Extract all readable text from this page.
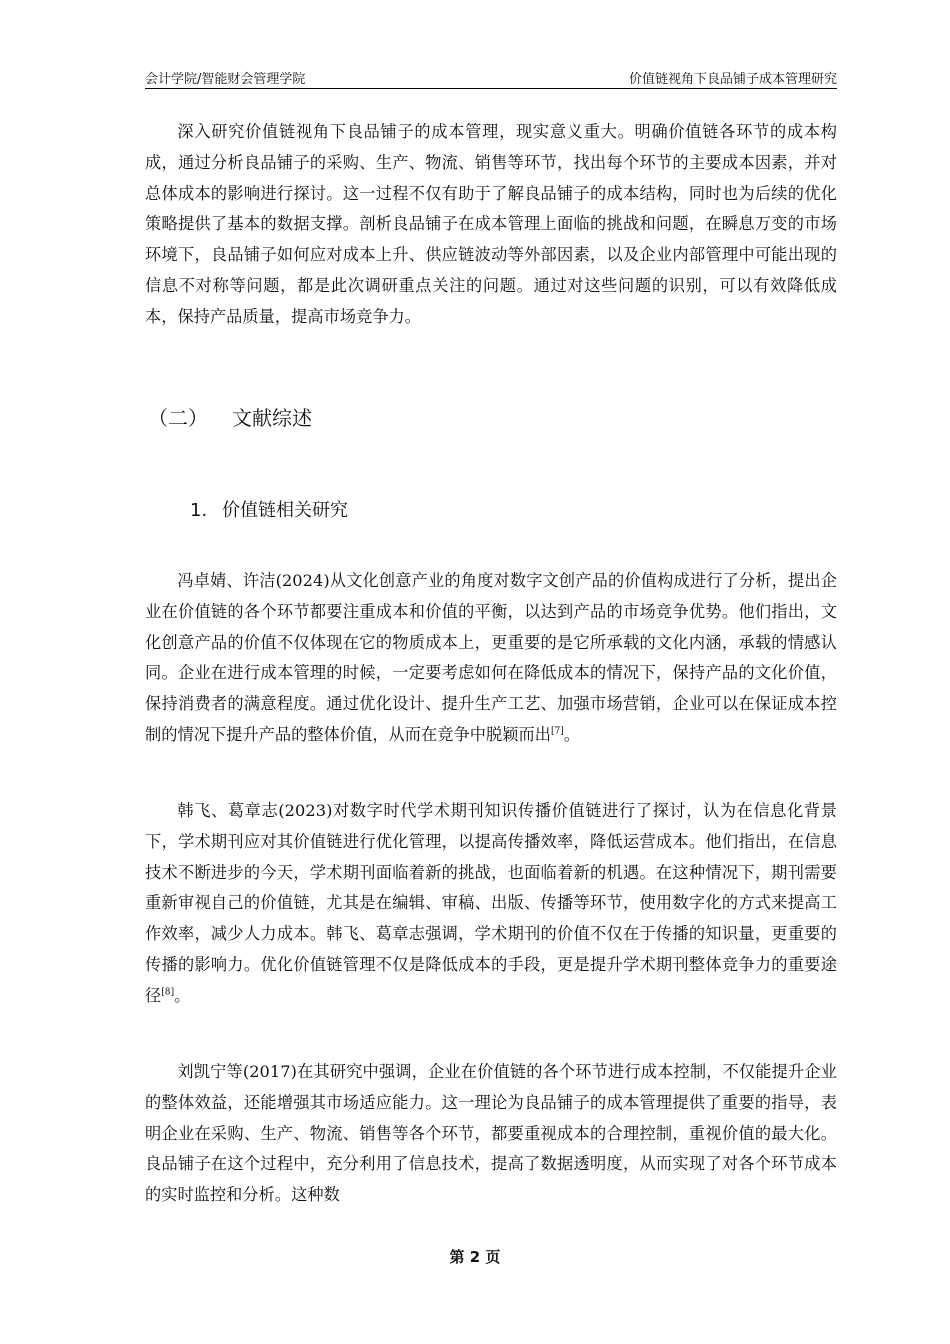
会计学院/智能财会管理学院	价值链视角下良品铺子成本管理研究

深入研究价值链视角下良品铺子的成本管理，现实意义重大。明确价值链各环节的成本构成，通过分析良品铺子的采购、生产、物流、销售等环节，找出每个环节的主要成本因素，并对总体成本的影响进行探讨。这一过程不仅有助于了解良品铺子的成本结构，同时也为后续的优化策略提供了基本的数据支撑。剖析良品铺子在成本管理上面临的挑战和问题，在瞬息万变的市场环境下，良品铺子如何应对成本上升、供应链波动等外部因素，以及企业内部管理中可能出现的信息不对称等问题，都是此次调研重点关注的问题。通过对这些问题的识别，可以有效降低成本，保持产品质量，提高市场竞争力。

（二） 文献综述
1. 价值链相关研究

冯卓婧、许洁(2024)从文化创意产业的角度对数字文创产品的价值构成进行了分析，提出企业在价值链的各个环节都要注重成本和价值的平衡，以达到产品的市场竞争优势。他们指出，文化创意产品的价值不仅体现在它的物质成本上，更重要的是它所承载的文化内涵，承载的情感认同。企业在进行成本管理的时候，一定要考虑如何在降低成本的情况下，保持产品的文化价值，保持消费者的满意程度。通过优化设计、提升生产工艺、加强市场营销，企业可以在保证成本控制的情况下提升产品的整体价值，从而在竞争中脱颖而出[7]。

韩飞、葛章志(2023)对数字时代学术期刊知识传播价值链进行了探讨，认为在信息化背景下，学术期刊应对其价值链进行优化管理，以提高传播效率，降低运营成本。他们指出，在信息技术不断进步的今天，学术期刊面临着新的挑战，也面临着新的机遇。在这种情况下，期刊需要重新审视自己的价值链，尤其是在编辑、审稿、出版、传播等环节，使用数字化的方式来提高工作效率，减少人力成本。韩飞、葛章志强调，学术期刊的价值不仅在于传播的知识量，更重要的传播的影响力。优化价值链管理不仅是降低成本的手段，更是提升学术期刊整体竞争力的重要途径[8]。

刘凯宁等(2017)在其研究中强调，企业在价值链的各个环节进行成本控制，不仅能提升企业的整体效益，还能增强其市场适应能力。这一理论为良品铺子的成本管理提供了重要的指导，表明企业在采购、生产、物流、销售等各个环节，都要重视成本的合理控制，重视价值的最大化。良品铺子在这个过程中，充分利用了信息技术，提高了数据透明度，从而实现了对各个环节成本的实时监控和分析。这种数

第 2 页
